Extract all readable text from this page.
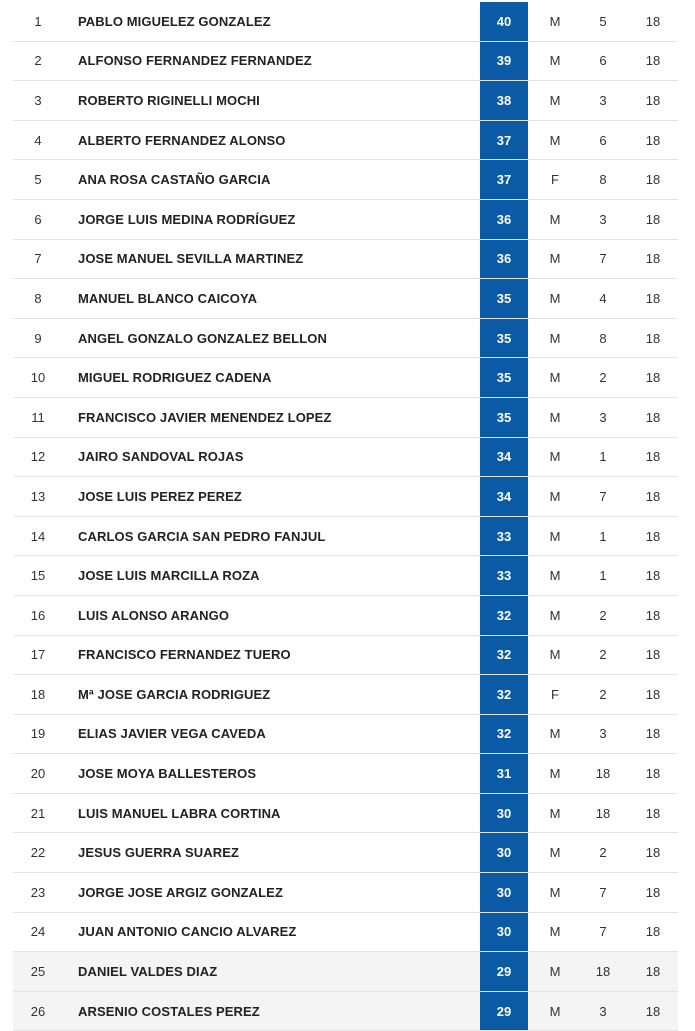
1	PABLO MIGUELEZ GONZALEZ	40	M	5	18
2	ALFONSO FERNANDEZ FERNANDEZ	39	M	6	18
3	ROBERTO RIGINELLI MOCHI	38	M	3	18
4	ALBERTO FERNANDEZ ALONSO	37	M	6	18
5	ANA ROSA CASTAÑO GARCIA	37	F	8	18
6	JORGE LUIS MEDINA RODRÍGUEZ	36	M	3	18
7	JOSE MANUEL SEVILLA MARTINEZ	36	M	7	18
8	MANUEL BLANCO CAICOYA	35	M	4	18
9	ANGEL GONZALO GONZALEZ BELLON	35	M	8	18
10	MIGUEL RODRIGUEZ CADENA	35	M	2	18
11	FRANCISCO JAVIER MENENDEZ LOPEZ	35	M	3	18
12	JAIRO SANDOVAL ROJAS	34	M	1	18
13	JOSE LUIS PEREZ PEREZ	34	M	7	18
14	CARLOS GARCIA SAN PEDRO FANJUL	33	M	1	18
15	JOSE LUIS MARCILLA ROZA	33	M	1	18
16	LUIS ALONSO ARANGO	32	M	2	18
17	FRANCISCO FERNANDEZ TUERO	32	M	2	18
18	Mª JOSE GARCIA RODRIGUEZ	32	F	2	18
19	ELIAS JAVIER VEGA CAVEDA	32	M	3	18
20	JOSE MOYA BALLESTEROS	31	M	18	18
21	LUIS MANUEL LABRA CORTINA	30	M	18	18
22	JESUS GUERRA SUAREZ	30	M	2	18
23	JORGE JOSE ARGIZ GONZALEZ	30	M	7	18
24	JUAN ANTONIO CANCIO ALVAREZ	30	M	7	18
25	DANIEL VALDES DIAZ	29	M	18	18
26	ARSENIO COSTALES PEREZ	29	M	3	18
